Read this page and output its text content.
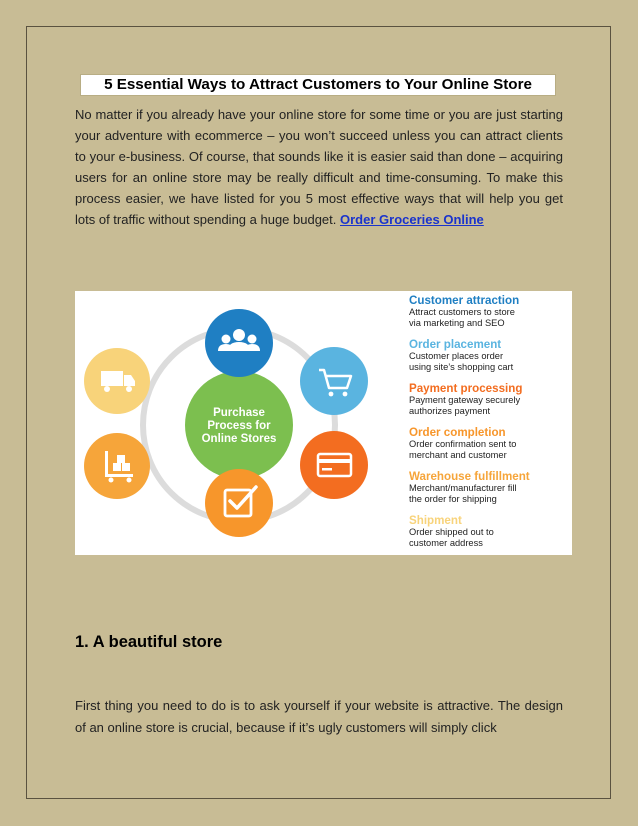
5 Essential Ways to Attract Customers to Your Online Store
No matter if you already have your online store for some time or you are just starting your adventure with ecommerce – you won’t succeed unless you can attract clients to your e-business. Of course, that sounds like it is easier said than done – acquiring users for an online store may be really difficult and time-consuming. To make this process easier, we have listed for you 5 most effective ways that will help you get lots of traffic without spending a huge budget. Order Groceries Online
Purchase
Process for
Online Stores
Customer attraction
Attract customers to store
via marketing and SEO
Order placement
Customer places order
using site’s shopping cart
Payment processing
Payment gateway securely
authorizes payment
Order completion
Order confirmation sent to
merchant and customer
Warehouse fulfillment
Merchant/manufacturer fill
the order for shipping
Shipment
Order shipped out to
customer address
1. A beautiful store
First thing you need to do is to ask yourself if your website is attractive. The design of an online store is crucial, because if it’s ugly customers will simply click
